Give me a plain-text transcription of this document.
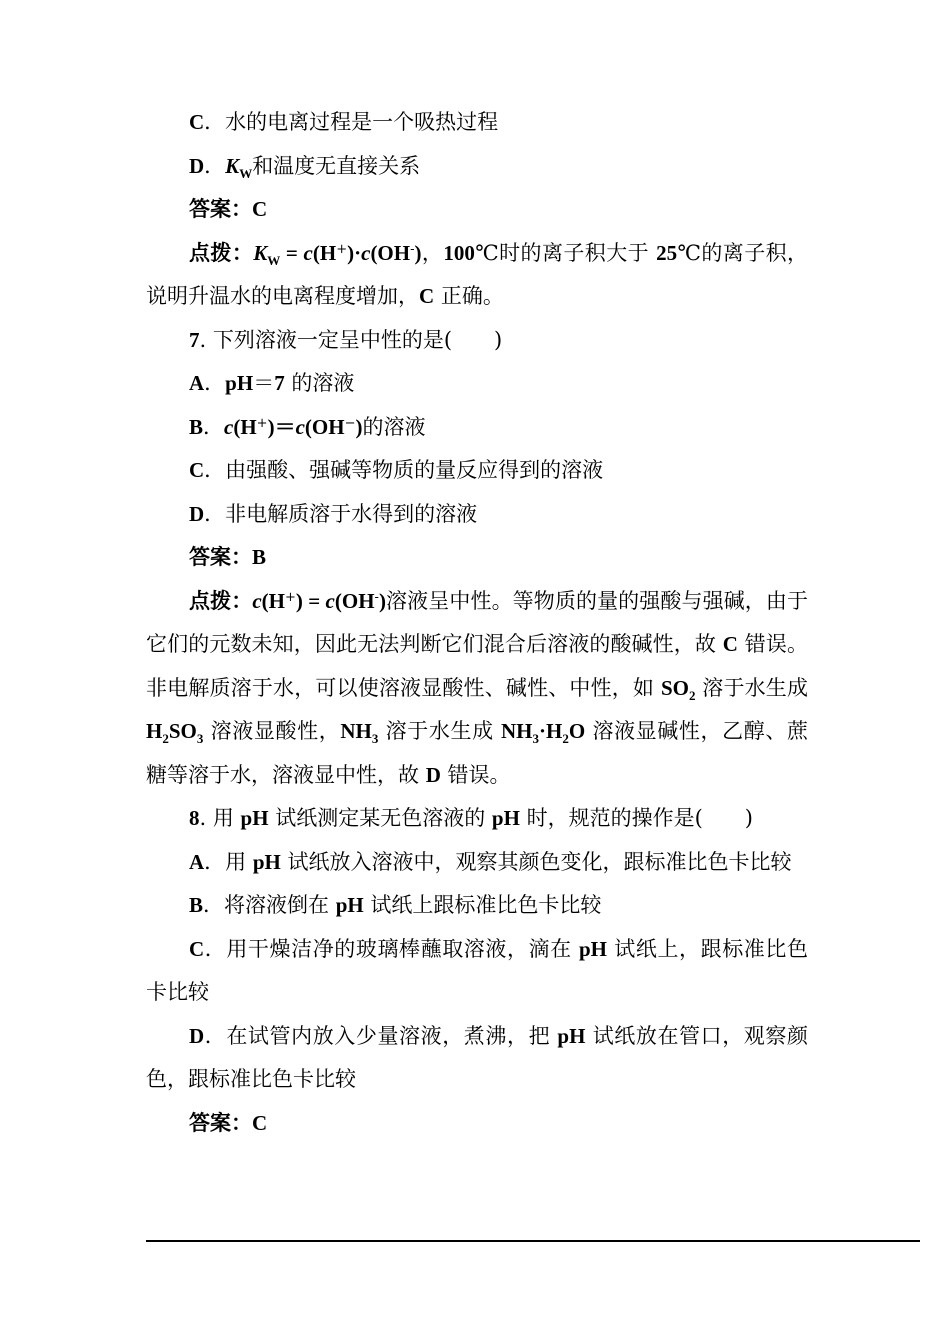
C．水的电离过程是一个吸热过程

D．$K_W$和温度无直接关系

答案：C

点拨：$K_W = c(H^+)\cdot c(OH^-)$，100℃时的离子积大于 25℃的离子积，说明升温水的电离程度增加，C 正确。

7. 下列溶液一定呈中性的是(　　)

A．pH＝7 的溶液

B．c(H+)＝c(OH−)的溶液

C．由强酸、强碱等物质的量反应得到的溶液

D．非电解质溶于水得到的溶液

答案：B

点拨：c(H+) = c(OH-)溶液呈中性。等物质的量的强酸与强碱，由于它们的元数未知，因此无法判断它们混合后溶液的酸碱性，故 C 错误。非电解质溶于水，可以使溶液显酸性、碱性、中性，如 $SO_2$ 溶于水生成 $H_2SO_3$ 溶液显酸性，$NH_3$ 溶于水生成 $NH_3\cdot H_2O$ 溶液显碱性，乙醇、蔗糖等溶于水，溶液显中性，故 D 错误。

8. 用 pH 试纸测定某无色溶液的 pH 时，规范的操作是(　　)

A．用 pH 试纸放入溶液中，观察其颜色变化，跟标准比色卡比较

B．将溶液倒在 pH 试纸上跟标准比色卡比较

C．用干燥洁净的玻璃棒蘸取溶液，滴在 pH 试纸上，跟标准比色卡比较

D．在试管内放入少量溶液，煮沸，把 pH 试纸放在管口，观察颜色，跟标准比色卡比较

答案：C
